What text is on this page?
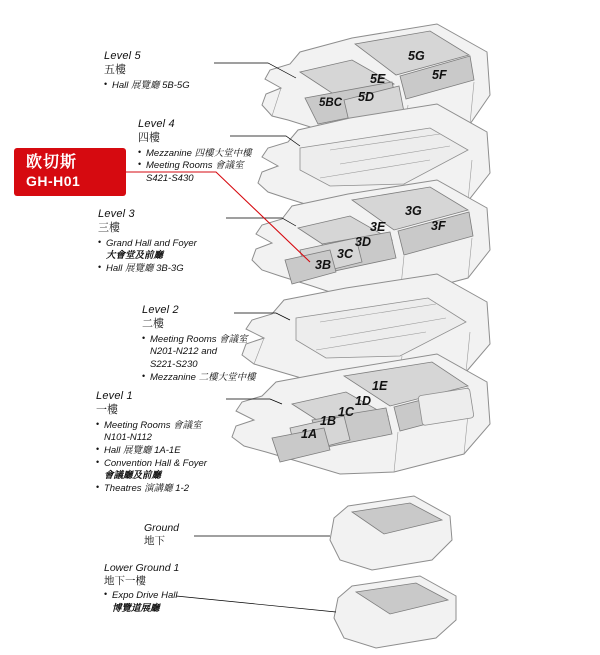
欧切斯
GH-H01
Level 5
五樓
• Hall 展覽廳 5B-5G
Level 4
四樓
• Mezzanine 四樓大堂中樓
• Meeting Rooms 會議室
S421-S430
Level 3
三樓
• Grand Hall and Foyer
大會堂及前廳
• Hall 展覽廳 3B-3G
Level 2
二樓
• Meeting Rooms 會議室
N201-N212 and
S221-S230
• Mezzanine 二樓大堂中樓
Level 1
一樓
• Meeting Rooms 會議室
N101-N112
• Hall 展覽廳 1A-1E
• Convention Hall & Foyer
會議廳及前廳
• Theatres 演講廳 1-2
Ground
地下
Lower Ground 1
地下一樓
• Expo Drive Hall
博覽道展廳
5G
5F
5E
5D
5BC
3G
3F
3E
3D
3C
3B
1E
1D
1C
1B
1A
